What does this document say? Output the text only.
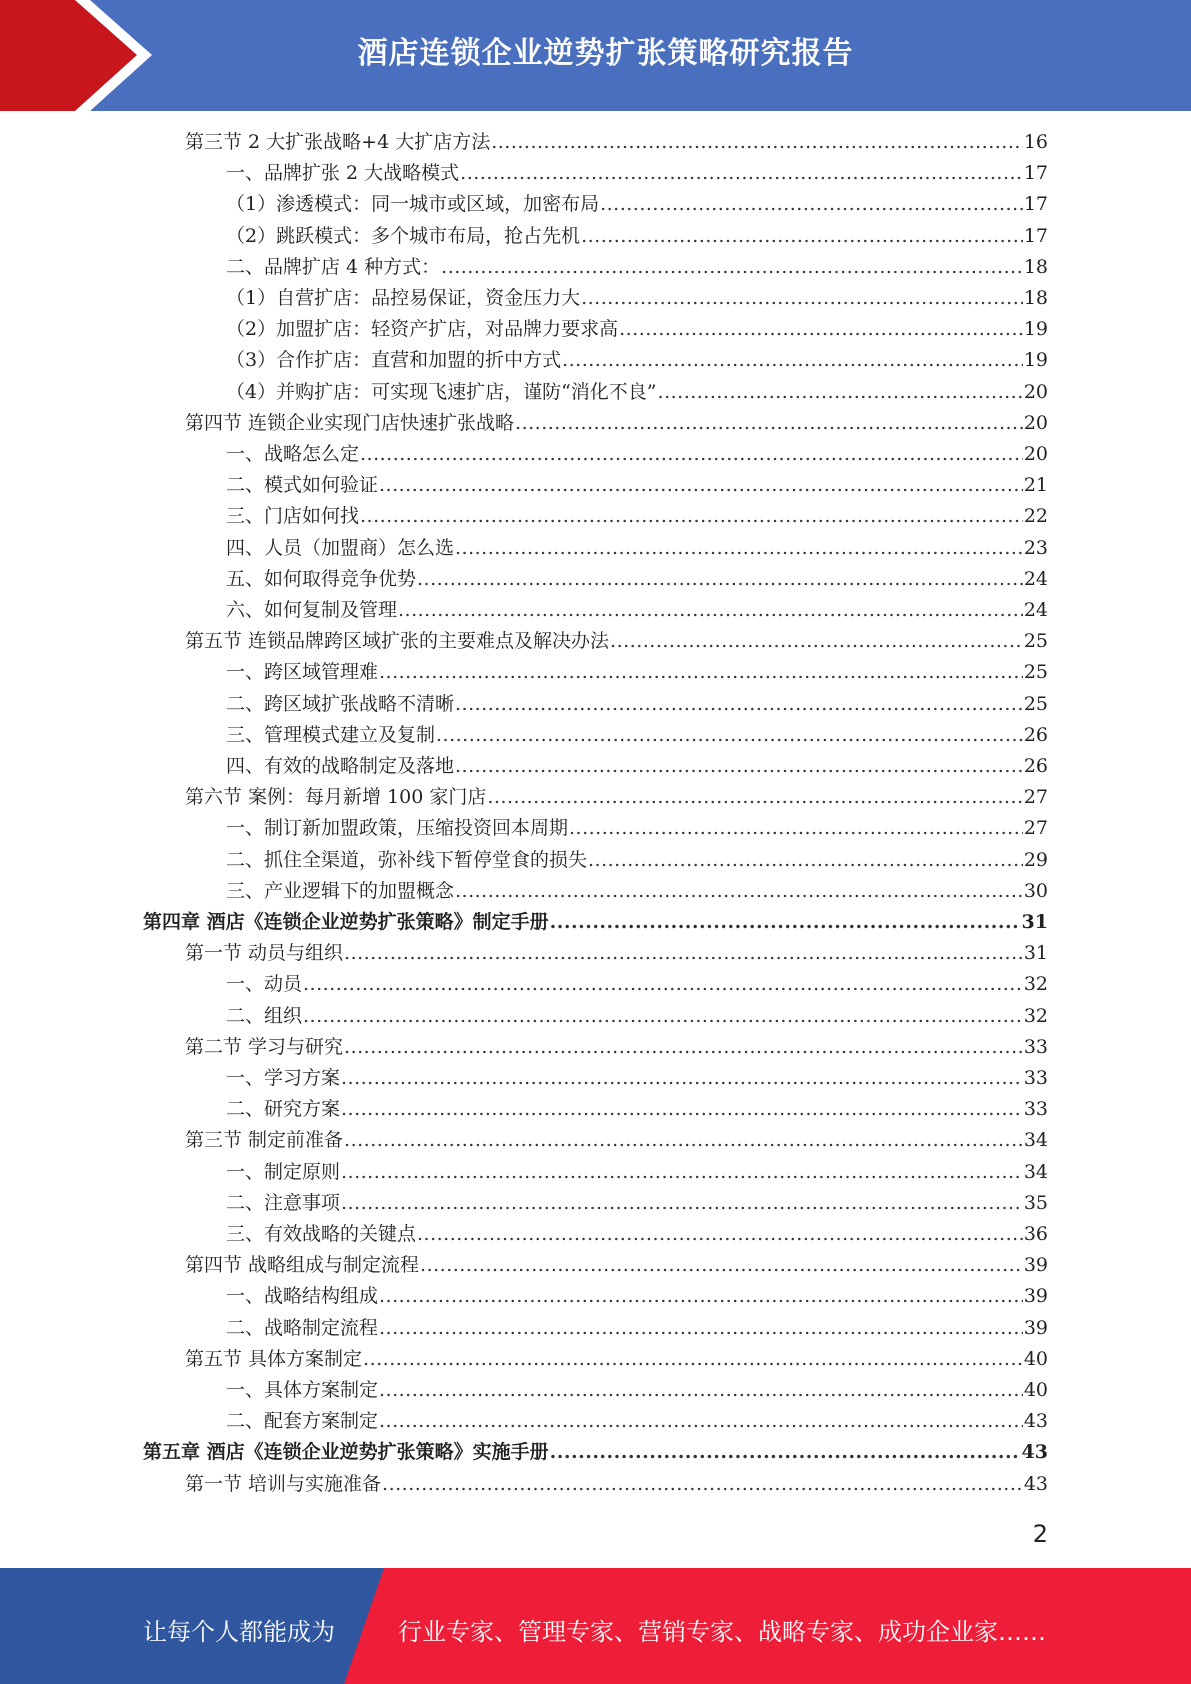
酒店连锁企业逆势扩张策略研究报告
第三节 2 大扩张战略+4 大扩店方法 .....	16
一、品牌扩张 2 大战略模式 .....	17
（1）渗透模式：同一城市或区域，加密布局 .....	17
（2）跳跃模式：多个城市布局，抢占先机 .....	17
二、品牌扩店 4 种方式： .....	18
（1）自营扩店：品控易保证，资金压力大 .....	18
（2）加盟扩店：轻资产扩店，对品牌力要求高 .....	19
（3）合作扩店：直营和加盟的折中方式 .....	19
（4）并购扩店：可实现飞速扩店，谨防“消化不良” .....	20
第四节 连锁企业实现门店快速扩张战略 .....	20
一、战略怎么定 .....	20
二、模式如何验证 .....	21
三、门店如何找 .....	22
四、人员（加盟商）怎么选 .....	23
五、如何取得竞争优势 .....	24
六、如何复制及管理 .....	24
第五节 连锁品牌跨区域扩张的主要难点及解决办法 .....	25
一、跨区域管理难 .....	25
二、跨区域扩张战略不清晰 .....	25
三、管理模式建立及复制 .....	26
四、有效的战略制定及落地 .....	26
第六节 案例：每月新增 100 家门店 .....	27
一、制订新加盟政策，压缩投资回本周期 .....	27
二、抓住全渠道，弥补线下暂停堂食的损失 .....	29
三、产业逻辑下的加盟概念 .....	30
第四章 酒店《连锁企业逆势扩张策略》制定手册 .....	31
第一节 动员与组织 .....	31
一、动员 .....	32
二、组织 .....	32
第二节 学习与研究 .....	33
一、学习方案 .....	33
二、研究方案 .....	33
第三节 制定前准备 .....	34
一、制定原则 .....	34
二、注意事项 .....	35
三、有效战略的关键点 .....	36
第四节 战略组成与制定流程 .....	39
一、战略结构组成 .....	39
二、战略制定流程 .....	39
第五节 具体方案制定 .....	40
一、具体方案制定 .....	40
二、配套方案制定 .....	43
第五章 酒店《连锁企业逆势扩张策略》实施手册 .....	43
第一节 培训与实施准备 .....	43
2
让每个人都能成为	行业专家、管理专家、营销专家、战略专家、成功企业家……
